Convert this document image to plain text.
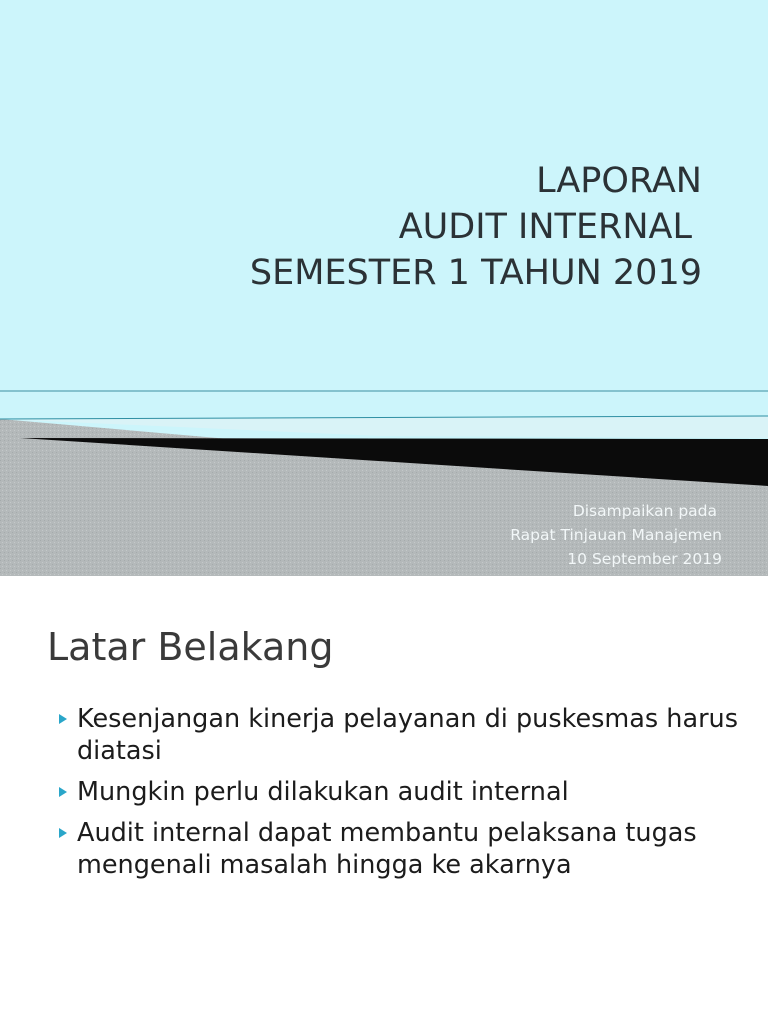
LAPORAN
AUDIT INTERNAL
SEMESTER 1 TAHUN 2019
Disampaikan pada
Rapat Tinjauan Manajemen
10 September 2019
Latar Belakang
Kesenjangan kinerja pelayanan di puskesmas harus diatasi
Mungkin perlu dilakukan audit internal
Audit internal dapat membantu pelaksana tugas mengenali masalah hingga ke akarnya
